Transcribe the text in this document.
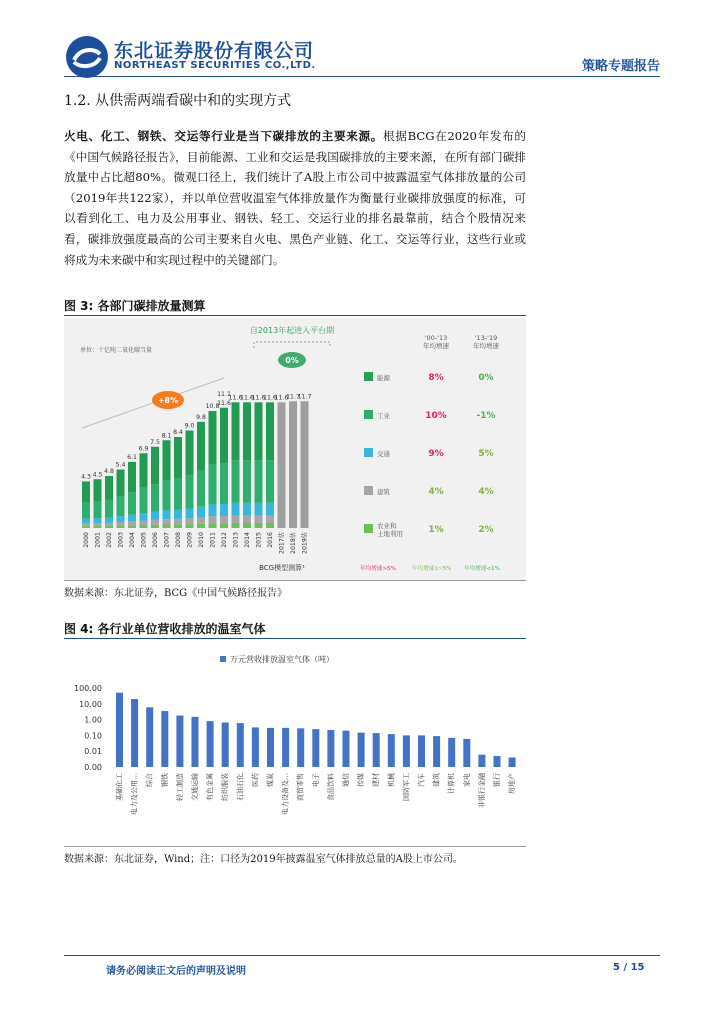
东北证券股份有限公司
NORTHEAST SECURITIES CO.,LTD.	策略专题报告
1.2. 从供需两端看碳中和的实现方式
火电、化工、钢铁、交运等行业是当下碳排放的主要来源。根据BCG在2020年发布的《中国气候路径报告》，目前能源、工业和交运是我国碳排放的主要来源，在所有部门碳排放量中占比超80%。微观口径上，我们统计了A股上市公司中披露温室气体排放量的公司（2019年共122家），并以单位营收温室气体排放量作为衡量行业碳排放强度的标准，可以看到化工、电力及公用事业、钢铁、轻工、交运行业的排名最靠前，结合个股情况来看，碳排放强度最高的公司主要来自火电、黑色产业链、化工、交运等行业，这些行业或将成为未来碳中和实现过程中的关键部门。
图 3: 各部门碳排放量测算
单位：十亿吨二氧化碳当量
4.3 4.5 4.8
5.4
6.1
6.9
7.5
8.1 8.4
9.0
9.8
10.8
11.1
11.6
11.6
11.6
11.6
11.6
11.6
11.7
11.7
2000 2001 2002 2003 2004 2005 2006 2007 2008 2009 2010 2011 2012 2013 2014 2015 2016 2017估 2018估 2019估
+8%
自2013年起进入平台期
0%
BCG模型测算¹
'00-'13
年均增速
'13-'19
年均增速
能源	8%	0%
工业	10%	-1%
交通	9%	5%
建筑	4%	4%
农业和
土地利用	1%	2%
年均增速>5%	年均增速1~5% 年均增速<1%
数据来源：东北证券，BCG《中国气候路径报告》
图 4: 各行业单位营收排放的温室气体
万元营收排放温室气体（吨）
100.00
10.00
1.00
0.10
0.01
0.00
基础化工 电力及公用… 综合 钢铁 轻工制造 交通运输 有色金属 纺织服装 石油石化 医药 煤炭 电力设备及… 商贸零售 电子 食品饮料 通信 传媒 建材 机械 国防军工 汽车 建筑 计算机 家电 非银行金融 银行 房地产
数据来源：东北证券，Wind；注：口径为2019年披露温室气体排放总量的A股上市公司。
请务必阅读正文后的声明及说明	5 / 15
